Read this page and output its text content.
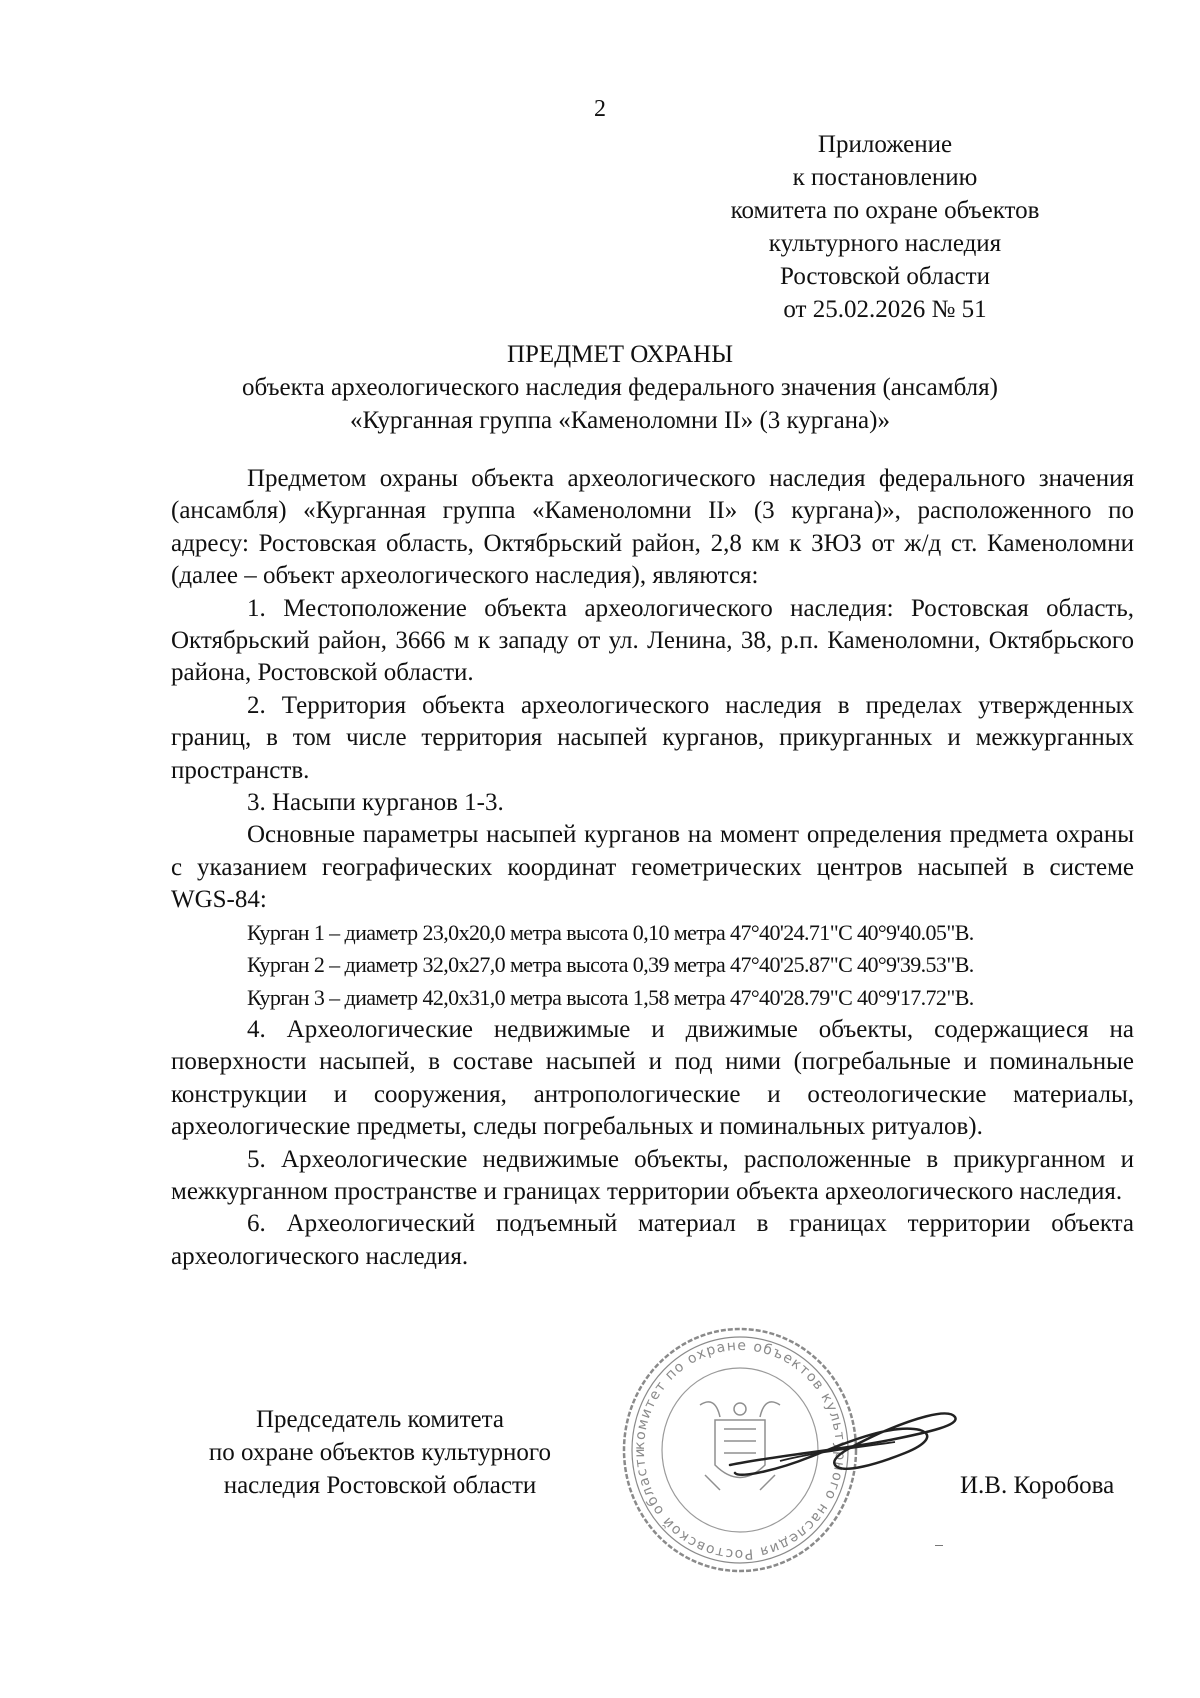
2
Приложение
к постановлению
комитета по охране объектов
культурного наследия
Ростовской области
от 25.02.2026 № 51
ПРЕДМЕТ ОХРАНЫ
объекта археологического наследия федерального значения (ансамбля)
«Курганная группа «Каменоломни II» (3 кургана)»

Предметом охраны объекта археологического наследия федерального значения (ансамбля) «Курганная группа «Каменоломни II» (3 кургана)», расположенного по адресу: Ростовская область, Октябрьский район, 2,8 км к ЗЮЗ от ж/д ст. Каменоломни (далее – объект археологического наследия), являются:

1. Местоположение объекта археологического наследия: Ростовская область, Октябрьский район, 3666 м к западу от ул. Ленина, 38, р.п. Каменоломни, Октябрьского района, Ростовской области.

2. Территория объекта археологического наследия в пределах утвержденных границ, в том числе территория насыпей курганов, прикурганных и межкурганных пространств.

3. Насыпи курганов 1-3.

Основные параметры насыпей курганов на момент определения предмета охраны с указанием географических координат геометрических центров насыпей в системе WGS-84:

Курган 1 – диаметр 23,0х20,0 метра высота 0,10 метра 47°40'24.71"С 40°9'40.05"В.

Курган 2 – диаметр 32,0х27,0 метра высота 0,39 метра 47°40'25.87"С 40°9'39.53"В.

Курган 3 – диаметр 42,0х31,0 метра высота 1,58 метра 47°40'28.79"С 40°9'17.72"В.

4. Археологические недвижимые и движимые объекты, содержащиеся на поверхности насыпей, в составе насыпей и под ними (погребальные и поминальные конструкции и сооружения, антропологические и остеологические материалы, археологические предметы, следы погребальных и поминальных ритуалов).

5. Археологические недвижимые объекты, расположенные в прикурганном и межкурганном пространстве и границах территории объекта археологического наследия.

6. Археологический подъемный материал в границах территории объекта археологического наследия.

Председатель комитета
по охране объектов культурного
наследия Ростовской области
комитет по охране объектов культурного наследия Ростовской области
И.В. Коробова
